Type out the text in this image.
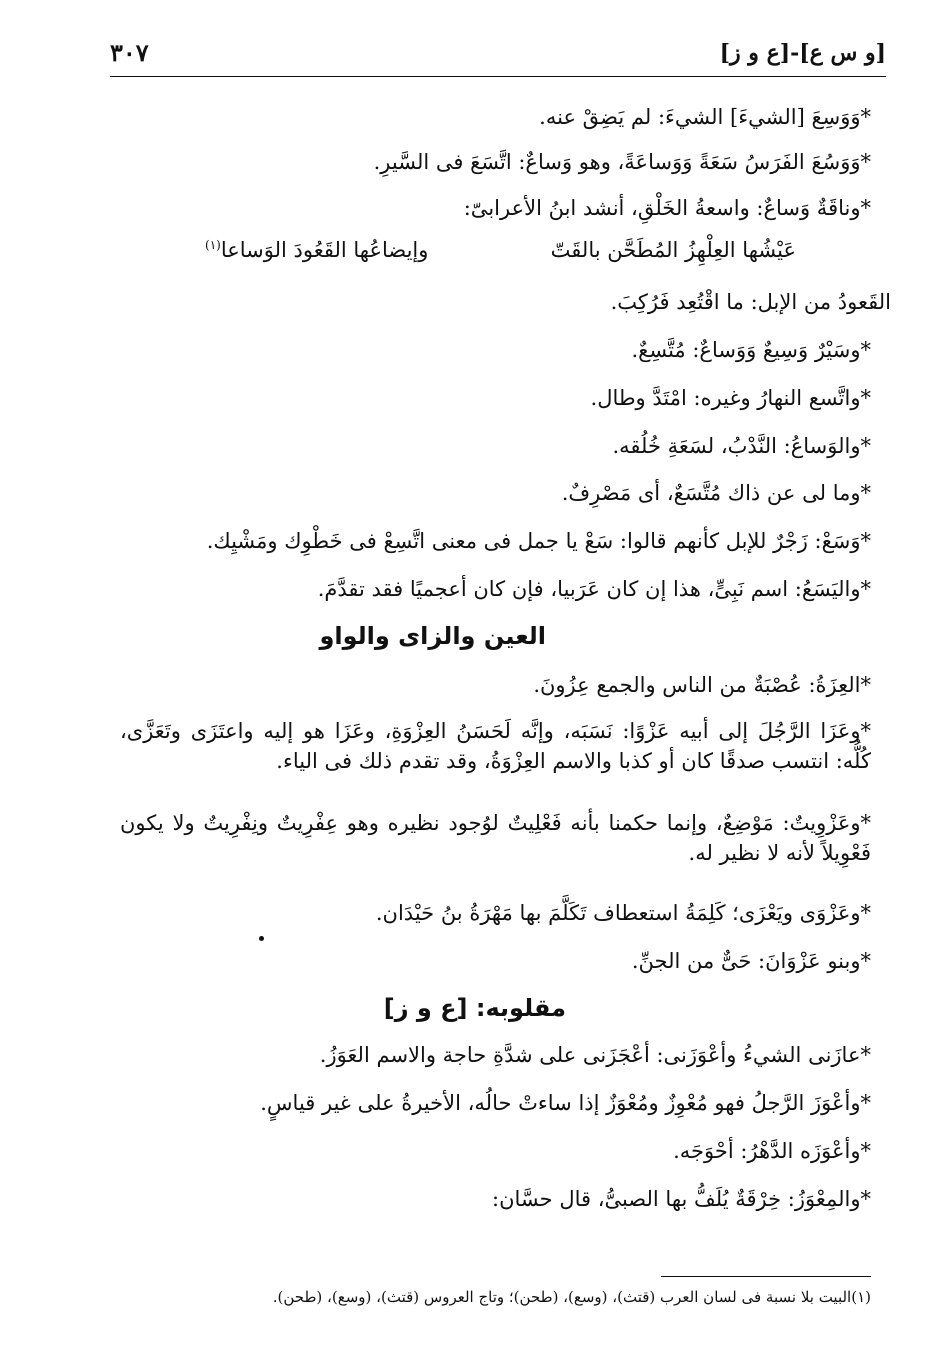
٣٠٧	[و س ع]-[ع و ز]
*وَوَسِعَ [الشيءَ] الشيءَ: لم يَضِقْ عنه.
*وَوَسُعَ الفَرَسُ سَعَةً وَوَساعَةً، وهو وَساعٌ: اتَّسَعَ فى السَّيرِ.
*وناقَةٌ وَساعٌ: واسعةُ الخَلْقِ، أنشد ابنُ الأعرابىّ:
عَيْشُها العِلْهِزُ المُطَحَّن بالقَتّ
وإيضاعُها القَعُودَ الوَساعا$^{(١)}$
القَعودُ من الإبل: ما اقْتُعِد فَرُكِبَ.
*وسَيْرٌ وَسِيعٌ وَوَساعٌ: مُتَّسِعٌ.
*واتَّسع النهارُ وغيره: امْتَدَّ وطال.
*والوَساعُ: النَّدْبُ، لسَعَةِ خُلُقه.
*وما لى عن ذاك مُتَّسَعٌ، أى مَصْرِفٌ.
*وَسَعْ: زَجْرٌ للإبل كأنهم قالوا: سَعْ يا جمل فى معنى اتَّسِعْ فى خَطْوِك ومَشْيِك.
*واليَسَعُ: اسم نَبِىٍّ، هذا إن كان عَرَبيا، فإن كان أعجميًا فقد تقدَّمَ.
العين والزاى والواو
*العِزَةُ: عُصْبَةٌ من الناس والجمع عِزُونَ.
*وعَزَا الرَّجُلَ إلى أبيه عَزْوًا: نَسَبَه، وإنَّه لَحَسَنُ العِزْوَةِ، وعَزَا هو إليه واعتَزَى وتَعَزَّى، كُلُّه: انتسب صدقًا كان أو كذبا والاسم العِزْوَةُ، وقد تقدم ذلك فى الياء.
*وعَزْوِيتٌ: مَوْضِعٌ، وإنما حكمنا بأنه فَعْلِيتٌ لوُجود نظيره وهو عِفْرِيتٌ ونِفْرِيتٌ ولا يكون فَعْوِيلاً لأنه لا نظير له.
*وعَزْوَى ويَعْزَى؛ كَلِمَةُ استعطاف تَكَلَّمَ بها مَهْرَةُ بنُ حَيْدَان.
*وبنو عَزْوَانَ: حَىٌّ من الجنِّ.
مقلوبه: [ع و ز]
*عازَنى الشيءُ وأعْوَزَنى: أعْجَزَنى على شدَّةِ حاجة والاسم العَوَزُ.
*وأعْوَزَ الرَّجلُ فهو مُعْوِزٌ ومُعْوَزٌ إذا ساءتْ حالُه، الأخيرةُ على غير قياسٍ.
*وأعْوَزَه الدَّهْرُ: أحْوَجَه.
*والمِعْوَزُ: خِرْقَةٌ يُلَفُّ بها الصبىُّ، قال حسَّان:
(١)البيت بلا نسبة فى لسان العرب (قتث)، (وسع)، (طحن)؛ وتاج العروس (قتث)، (وسع)، (طحن).
